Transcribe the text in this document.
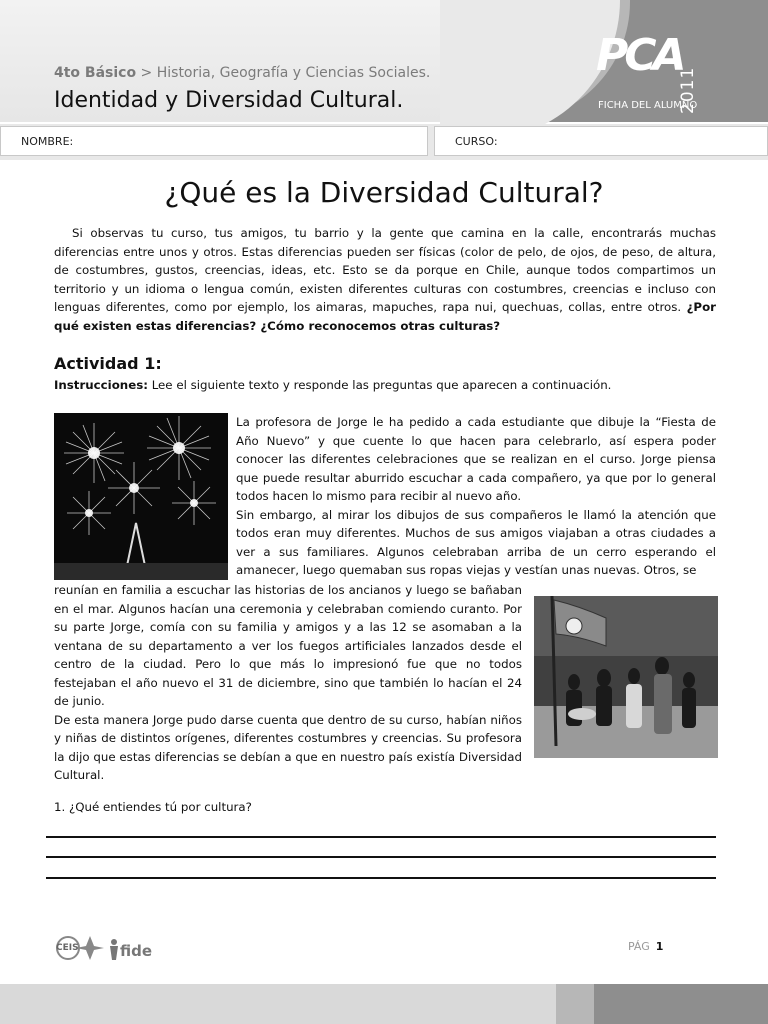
PCA
2011
FICHA DEL ALUMNO
4to Básico > Historia, Geografía y Ciencias Sociales.
Identidad y Diversidad Cultural.
NOMBRE:	CURSO:
¿Qué es la Diversidad Cultural?
Si observas tu curso, tus amigos, tu barrio y la gente que camina en la calle, encontrarás muchas diferencias entre unos y otros. Estas diferencias pueden ser físicas (color de pelo, de ojos, de peso, de altura, de costumbres, gustos, creencias, ideas, etc. Esto se da porque en Chile, aunque todos compartimos un territorio y un idioma o lengua común, existen diferentes culturas con costumbres, creencias e incluso con lenguas diferentes, como por ejemplo, los aimaras, mapuches, rapa nui, quechuas, collas, entre otros. ¿Por qué existen estas diferencias? ¿Cómo reconocemos otras culturas?
Actividad 1:
Instrucciones: Lee el siguiente texto y responde las preguntas que aparecen a continuación.
La profesora de Jorge le ha pedido a cada estudiante que dibuje la “Fiesta de Año Nuevo” y que cuente lo que hacen para celebrarlo, así espera poder conocer las diferentes celebraciones que se realizan en el curso. Jorge piensa que puede resultar aburrido escuchar a cada compañero, ya que por lo general todos hacen lo mismo para recibir al nuevo año.
Sin embargo, al mirar los dibujos de sus compañeros le llamó la atención que todos eran muy diferentes. Muchos de sus amigos viajaban a otras ciudades a ver a sus familiares. Algunos celebraban arriba de un cerro esperando el amanecer, luego quemaban sus ropas viejas y vestían unas nuevas. Otros, se
reunían en familia a escuchar las historias de los ancianos y luego se bañaban en el mar. Algunos hacían una ceremonia y celebraban comiendo curanto. Por su parte Jorge, comía con su familia y amigos y a las 12 se asomaban a la ventana de su departamento a ver los fuegos artificiales lanzados desde el centro de la ciudad. Pero lo que más lo impresionó fue que no todos festejaban el año nuevo el 31 de diciembre, sino que también lo hacían el 24 de junio.
De esta manera Jorge pudo darse cuenta que dentro de su curso, habían niños y niñas de distintos orígenes, diferentes costumbres y creencias. Su profesora la dijo que estas diferencias se debían a que en nuestro país existía Diversidad Cultural.
1. ¿Qué entiendes tú por cultura?
CEIS	fide	PÁG 1
